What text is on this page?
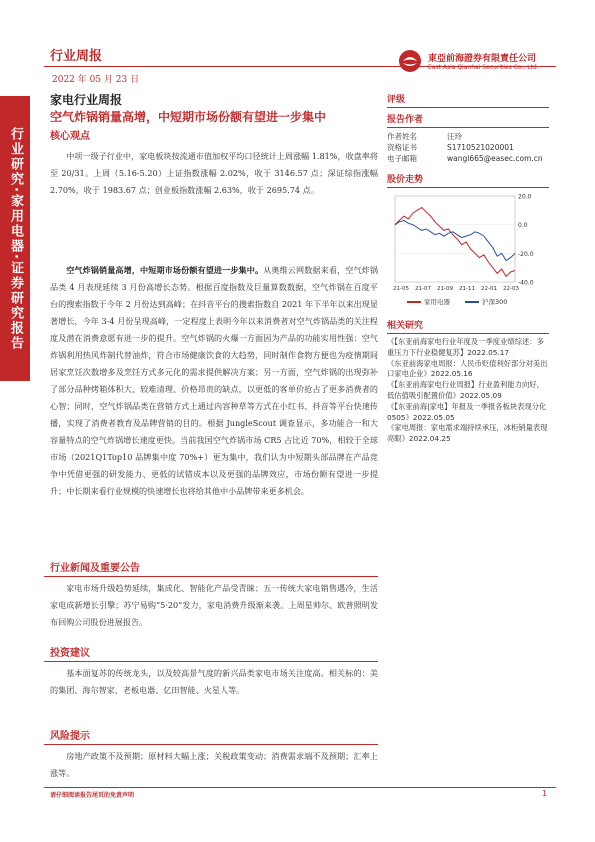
行业周报
2022 年 05 月 23 日
東亞前海證券有限責任公司
East Asia Qianhai Securities Co., Ltd.
行业研究·家用电器·证券研究报告
家电行业周报
空气炸锅销量高增，中短期市场份额有望进一步集中
核心观点
中项一级子行业中，家电板块按流通市值加权平均口径统计上周涨幅 1.81%，收盘率将至 20/31。上周（5.16-5.20）上证指数涨幅 2.02%，收于 3146.57 点；深证综指涨幅 2.70%，收于 1983.67 点；创业板指数涨幅 2.63%，收于 2695.74 点。
空气炸锅销量高增，中短期市场份额有望进一步集中。从奥维云网数据来看，空气炸锅品类 4 月表现延续 3 月份高增长态势。根据百度指数及巨量算数数据，空气炸锅在百度平台的搜索指数于今年 2 月份达到高峰；在抖音平台的搜索指数自 2021 年下半年以来出现显著增长，今年 3-4 月份呈现高峰，一定程度上表明今年以来消费者对空气炸锅品类的关注程度及潜在消费意愿有进一步的提升。空气炸锅的火爆一方面因为产品的功能实用性强：空气炸锅利用热风炸制代替油炸，符合市场健康饮食的大趋势，同时制作食物方便也为疫情期间居家烹饪次数增多及烹饪方式多元化的需求提供解决方案；另一方面，空气炸锅的出现弥补了部分品种烤箱体积大、较难清理、价格昂贵的缺点，以更低的客单价抢占了更多消费者的心智；同时，空气炸锅品类在营销方式上通过内容种草等方式在小红书、抖音等平台快速传播，实现了消费者教育及品牌营销的目的。根据 JungleScout 调查显示，多功能合一和大容量特点的空气炸锅增长速度更快。当前我国空气炸锅市场 CR5 占比近 70%，相较于全球市场（2021Q1Top10 品牌集中度 70%+）更为集中，我们认为中短期头部品牌在产品竞争中凭借更强的研发能力、更低的试错成本以及更强的品牌效应，市场份额有望进一步提升；中长期来看行业规模的快速增长也将给其他中小品牌带来更多机会。
行业新闻及重要公告
家电市场升级趋势延续，集成化、智能化产品受青睐；五一传统大家电销售遇冷，生活家电成新增长引擎；苏宁易购“5·20”发力，家电消费升级渐来袭。上周星帅尔、欧普照明发布回购公司股份进展报告。
投资建议
基本面复苏的传统龙头，以及较高景气度的新兴品类家电市场关注度高。相关标的：美的集团、海尔智家、老板电器、亿田智能、火星人等。
风险提示
房地产政策不及预期；原材料大幅上涨；关税政策变动；消费需求端不及预期；汇率上涨等。
评级
报告作者
作者姓名	汪玲
资格证书	S1710521020001
电子邮箱	wangl665@easec.com.cn
股价走势
20.0
0.0
-20.0
-40.0
21-05 21-07 21-09 21-11 22-01 22-03
家用电器	沪深300
相关研究
《【东亚前海家电行业年度及一季度业绩综述：多重压力下行业稳健复苏】2022.05.17
《东亚前海家电周报：人民币贬值利好部分对美出口家电企业》2022.05.16
《【东亚前海家电行业周报】行业盈利能力向好，低估值吸引配置价值》2022.05.09
《【东亚前海|家电】年报及一季报各板块表现分化 0505》2022.05.05
《家电周报：家电需求端持续承压，冰柜销量表现亮眼》2022.04.25
请仔细阅读报告尾页的免责声明	1
